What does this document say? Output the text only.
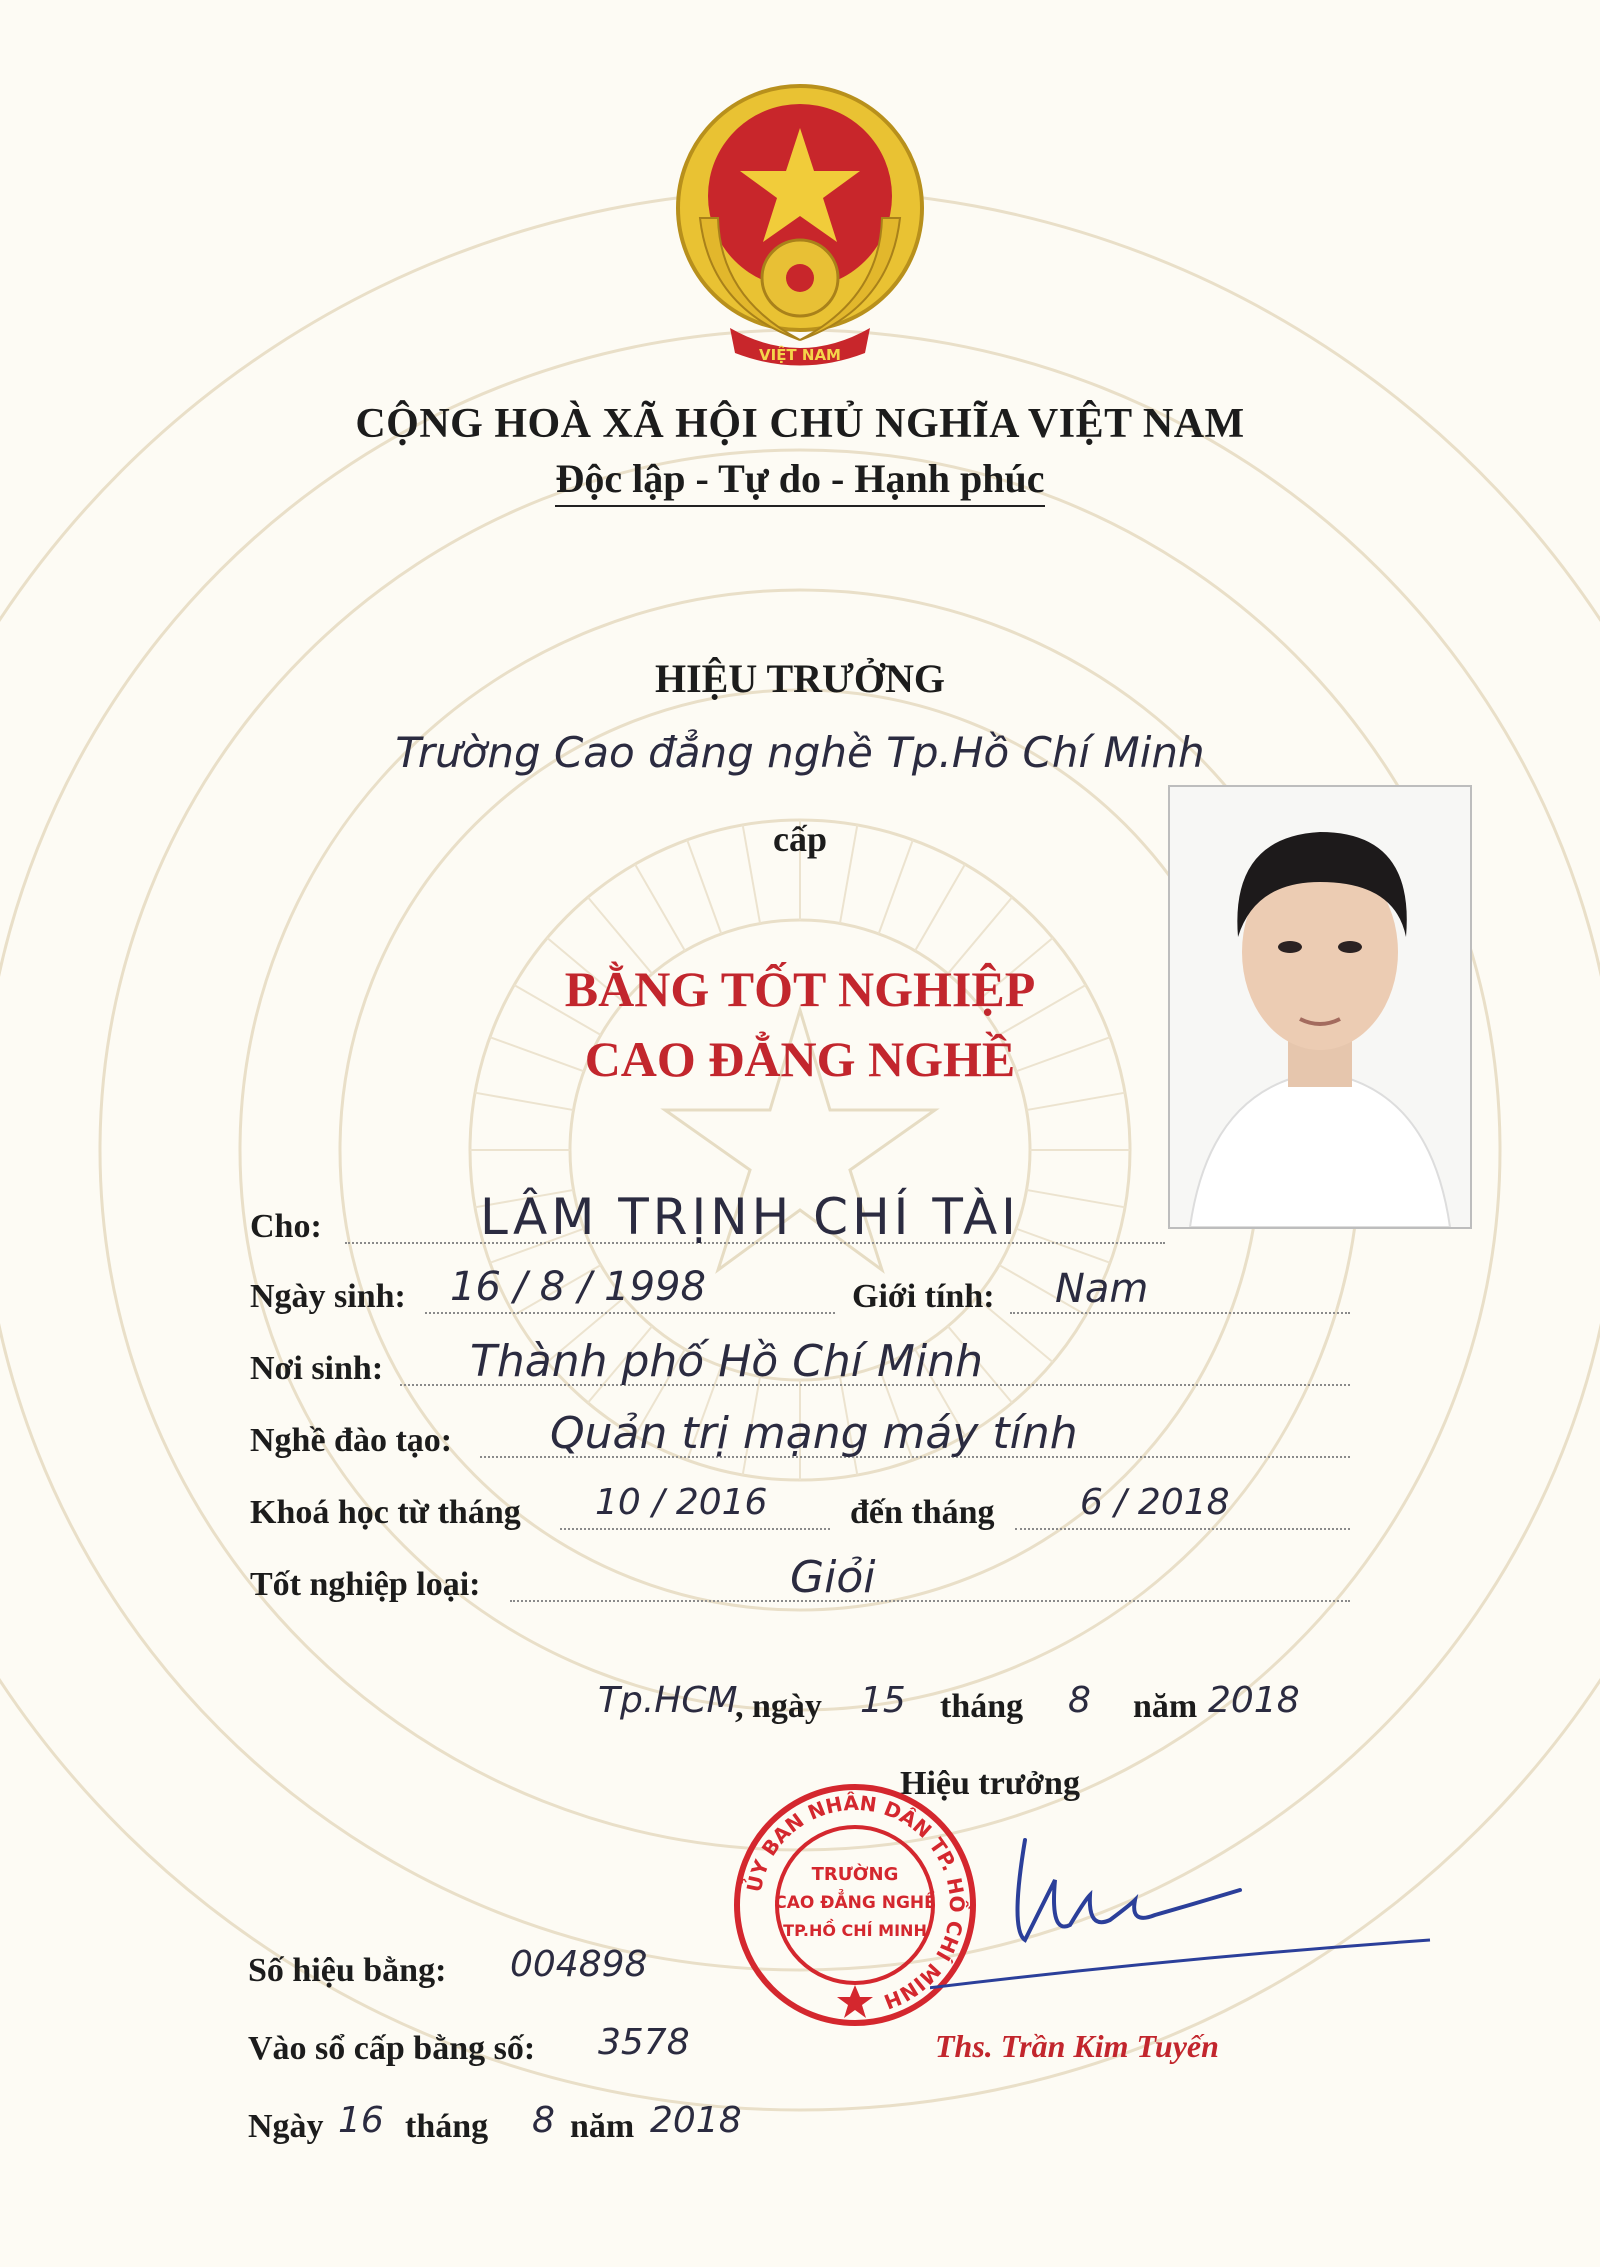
VIỆT NAM
CỘNG HOÀ XÃ HỘI CHỦ NGHĨA VIỆT NAM
Độc lập - Tự do - Hạnh phúc
HIỆU TRƯỞNG
Trường Cao đẳng nghề Tp.Hồ Chí Minh
cấp
BẰNG TỐT NGHIỆP
CAO ĐẲNG NGHỀ
Cho:	LÂM TRỊNH CHÍ TÀI
Ngày sinh: 16 / 8 / 1998	Giới tính: Nam
Nơi sinh: Thành phố Hồ Chí Minh
Nghề đào tạo: Quản trị mạng máy tính
Khoá học từ tháng 10 / 2016 đến tháng 6 / 2018
Tốt nghiệp loại:	Giỏi
Tp.HCM
, ngày 15 tháng 8 năm 2018
Hiệu trưởng
ỦY BAN NHÂN DÂN TP. HỒ CHÍ MINH
TRƯỜNG
CAO ĐẲNG NGHỀ
TP.HỒ CHÍ MINH
Ths. Trần Kim Tuyến
Số hiệu bằng: 004898
Vào sổ cấp bằng số: 3578
Ngày 16 tháng 8 năm 2018
